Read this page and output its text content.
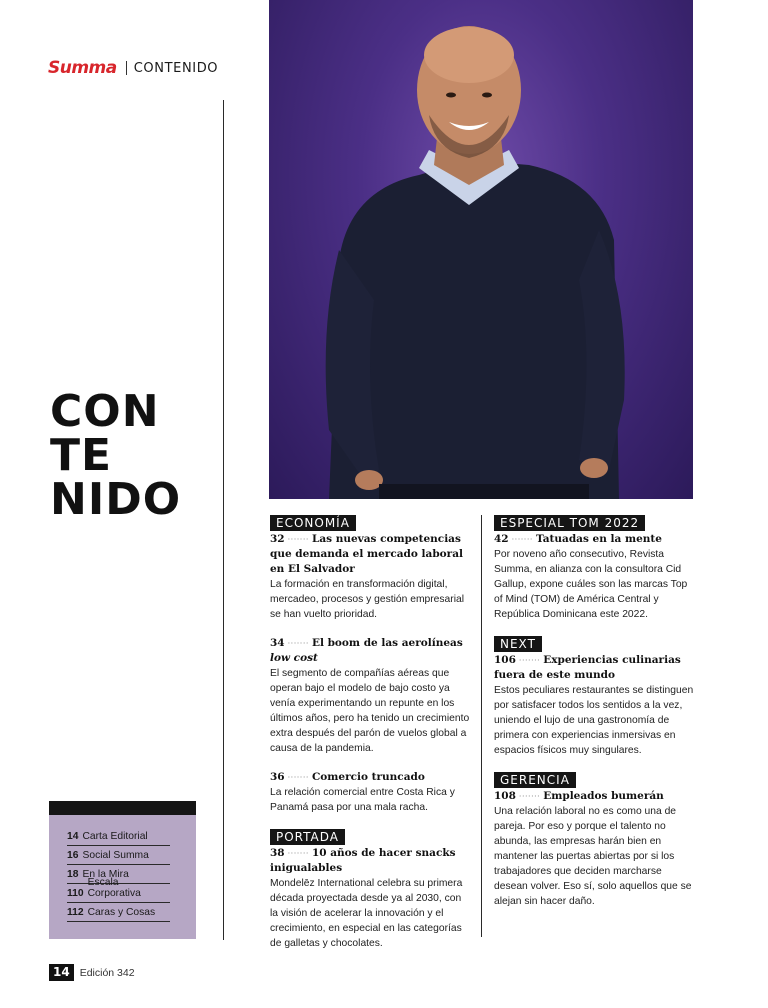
Summa CONTENIDO
CON
TE
NIDO	ECONOMÍA
32 ······· Las nuevas competencias que demanda el mercado laboral en El Salvador
La formación en transformación digital, mercadeo, procesos y gestión empresarial se han vuelto prioridad.
34 ······· El boom de las aerolíneas low cost
El segmento de compañías aéreas que operan bajo el modelo de bajo costo ya venía experimentando un repunte en los últimos años, pero ha tenido un crecimiento extra después del parón de vuelos global a causa de la pandemia.
36 ······· Comercio truncado
La relación comercial entre Costa Rica y Panamá pasa por una mala racha.
PORTADA
38 ······· 10 años de hacer snacks inigualables
Mondelēz International celebra su primera década proyectada desde ya al 2030, con la visión de acelerar la innovación y el crecimiento, en especial en las categorías de galletas y chocolates.
ESPECIAL TOM 2022
42 ······· Tatuadas en la mente
Por noveno año consecutivo, Revista Summa, en alianza con la consultora Cid Gallup, expone cuáles son las marcas Top of Mind (TOM) de América Central y República Dominicana este 2022.
NEXT
106 ······· Experiencias culinarias fuera de este mundo
Estos peculiares restaurantes se distinguen por satisfacer todos los sentidos a la vez, uniendo el lujo de una gastronomía de primera con experiencias inmersivas en espacios físicos muy singulares.
GERENCIA
108 ······· Empleados bumerán
Una relación laboral no es como una de pareja. Por eso y porque el talento no abunda, las empresas harán bien en mantener las puertas abiertas por si los trabajadores que deciden marcharse desean volver. Eso sí, solo aquellos que se alejan sin hacer daño.
14 Carta Editorial
16 Social Summa
18 En la Mira
110
Escala Corporativa
112 Caras y Cosas
14 Edición 342
